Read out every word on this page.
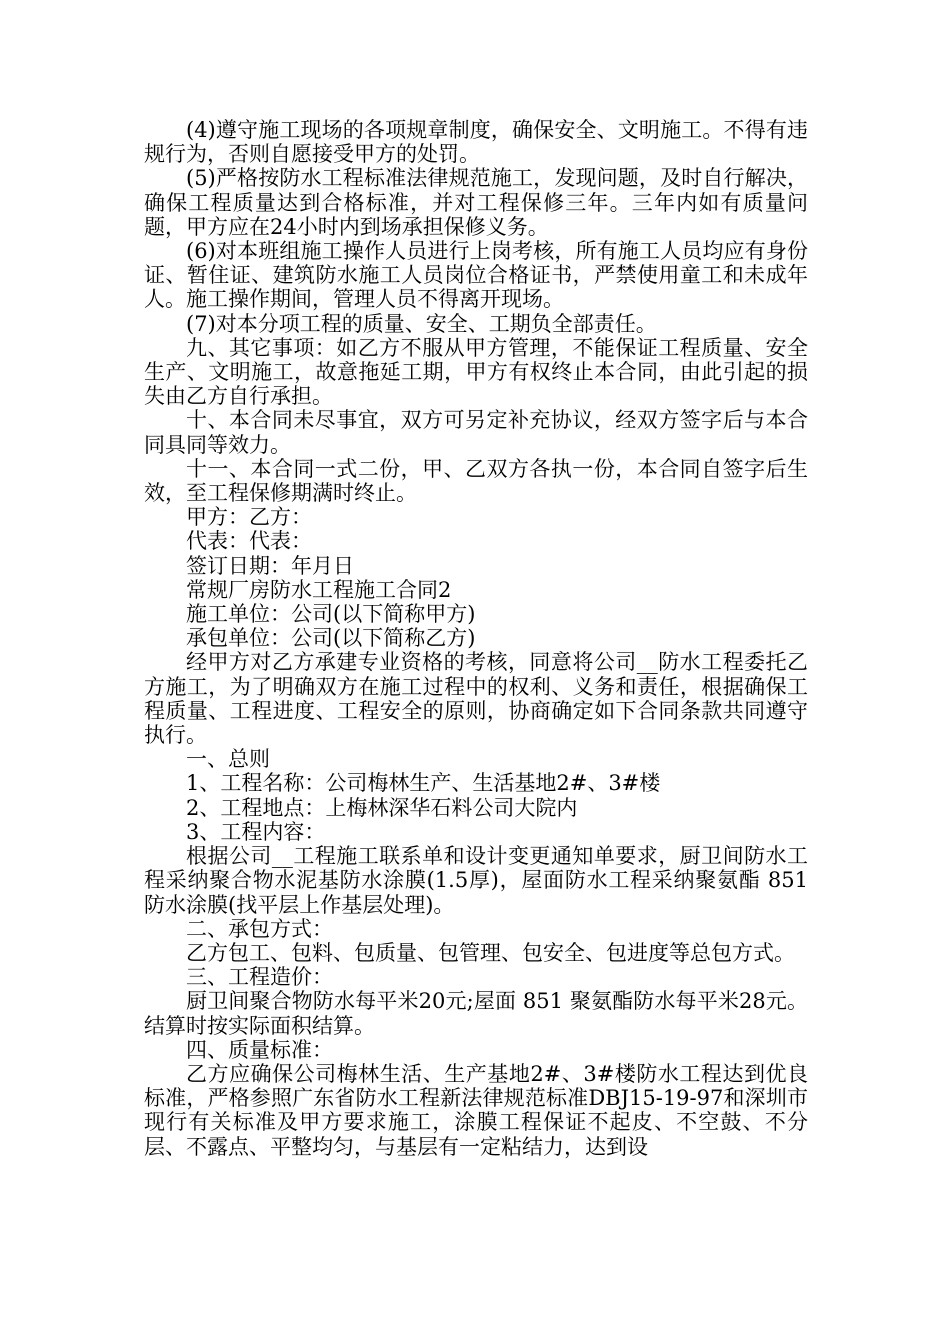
(4)遵守施工现场的各项规章制度，确保安全、文明施工。不得有违规行为，否则自愿接受甲方的处罚。

(5)严格按防水工程标准法律规范施工，发现问题，及时自行解决，确保工程质量达到合格标准，并对工程保修三年。三年内如有质量问题，甲方应在24小时内到场承担保修义务。

(6)对本班组施工操作人员进行上岗考核，所有施工人员均应有身份证、暂住证、建筑防水施工人员岗位合格证书，严禁使用童工和未成年人。施工操作期间，管理人员不得离开现场。

(7)对本分项工程的质量、安全、工期负全部责任。

九、其它事项：如乙方不服从甲方管理，不能保证工程质量、安全生产、文明施工，故意拖延工期，甲方有权终止本合同，由此引起的损失由乙方自行承担。

十、本合同未尽事宜，双方可另定补充协议，经双方签字后与本合同具同等效力。

十一、本合同一式二份，甲、乙双方各执一份，本合同自签字后生效，至工程保修期满时终止。

甲方：乙方：

代表：代表：

签订日期：年月日

常规厂房防水工程施工合同2

施工单位：公司(以下简称甲方)

承包单位：公司(以下简称乙方)

经甲方对乙方承建专业资格的考核，同意将公司__防水工程委托乙方施工，为了明确双方在施工过程中的权利、义务和责任，根据确保工程质量、工程进度、工程安全的原则，协商确定如下合同条款共同遵守执行。

一、总则

1、工程名称：公司梅林生产、生活基地2#、3#楼

2、工程地点：上梅林深华石料公司大院内

3、工程内容：

根据公司__工程施工联系单和设计变更通知单要求，厨卫间防水工程采纳聚合物水泥基防水涂膜(1.5厚)，屋面防水工程采纳聚氨酯 851 防水涂膜(找平层上作基层处理)。

二、承包方式：

乙方包工、包料、包质量、包管理、包安全、包进度等总包方式。

三、工程造价：

厨卫间聚合物防水每平米20元;屋面 851 聚氨酯防水每平米28元。结算时按实际面积结算。

四、质量标准：

乙方应确保公司梅林生活、生产基地2#、3#楼防水工程达到优良标准，严格参照广东省防水工程新法律规范标准DBJ15-19-97和深圳市现行有关标准及甲方要求施工，涂膜工程保证不起皮、不空鼓、不分层、不露点、平整均匀，与基层有一定粘结力，达到设
